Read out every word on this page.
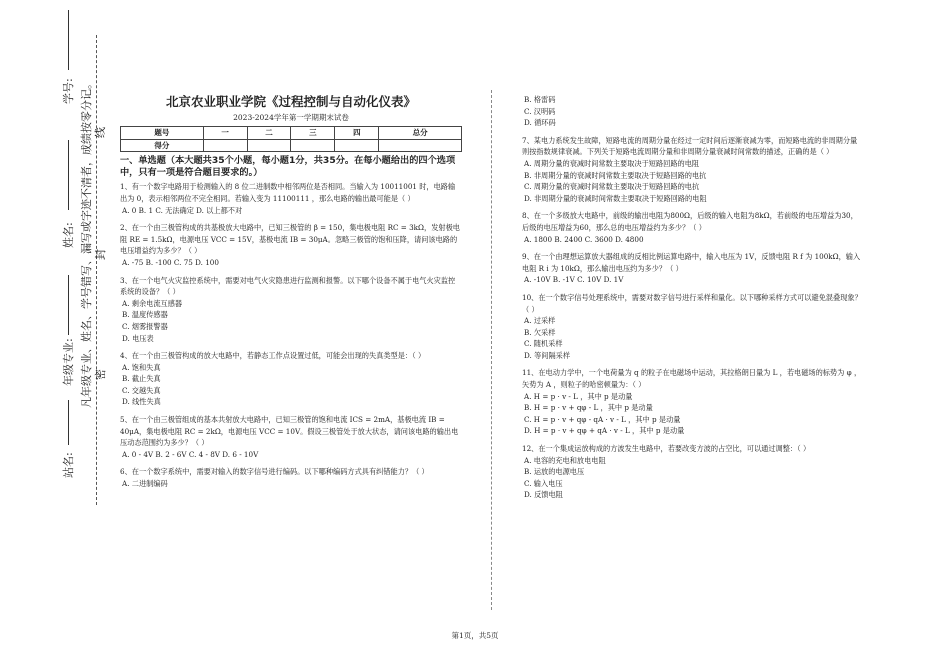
学号:
姓名:
年级专业:
站名:
凡年级专业、姓名、学号错写、漏写或字迹不清者，成绩按零分记。 密
封
线
北京农业职业学院《过程控制与自动化仪表》
2023-2024学年第一学期期末试卷
题号	一	二	三	四	总分
得分					
一、单选题（本大题共35个小题，每小题1分，共35分。在每小题给出的四个选项中，只有一项是符合题目要求的。）
1、有一个数字电路用于检测输入的 8 位二进制数中相邻两位是否相同。当输入为 10011001 时，电路输出为 0，表示相邻两位不完全相同。若输入变为 11100111 ，那么电路的输出最可能是（ ）
A. 0 B. 1 C. 无法确定 D. 以上都不对
2、在一个由三极管构成的共基极放大电路中，已知三极管的 β = 150，集电极电阻 RC = 3kΩ，发射极电阻 RE = 1.5kΩ，电源电压 VCC = 15V，基极电流 IB = 30μA。忽略三极管的饱和压降，请问该电路的电压增益约为多少？（ ）
A. -75 B. -100 C. 75 D. 100
3、在一个电气火灾监控系统中，需要对电气火灾隐患进行监测和报警。以下哪个设备不属于电气火灾监控系统的设备？（ ）
A. 剩余电流互感器
B. 温度传感器
C. 烟雾报警器
D. 电压表
4、在一个由三极管构成的放大电路中，若静态工作点设置过低，可能会出现的失真类型是：（ ）
A. 饱和失真
B. 截止失真
C. 交越失真
D. 线性失真
5、在一个由三极管组成的基本共射放大电路中，已知三极管的饱和电流 ICS = 2mA，基极电流 IB = 40μA，集电极电阻 RC = 2kΩ，电源电压 VCC = 10V。假设三极管处于放大状态，请问该电路的输出电压动态范围约为多少？（ ）
A. 0 - 4V B. 2 - 6V C. 4 - 8V D. 6 - 10V
6、在一个数字系统中，需要对输入的数字信号进行编码。以下哪种编码方式具有纠错能力？（ ）
A. 二进制编码
B. 格雷码
C. 汉明码
D. 循环码
7、某电力系统发生故障，短路电流的周期分量在经过一定时间后逐渐衰减为零，而短路电流的非周期分量则按指数规律衰减。下列关于短路电流周期分量和非周期分量衰减时间常数的描述，正确的是（ ）
A. 周期分量的衰减时间常数主要取决于短路回路的电阻
B. 非周期分量的衰减时间常数主要取决于短路回路的电抗
C. 周期分量的衰减时间常数主要取决于短路回路的电抗
D. 非周期分量的衰减时间常数主要取决于短路回路的电阻
8、在一个多级放大电路中，前级的输出电阻为800Ω，后级的输入电阻为8kΩ，若前级的电压增益为30，后级的电压增益为60，那么总的电压增益约为多少？（ ）
A. 1800 B. 2400 C. 3600 D. 4800
9、在一个由理想运算放大器组成的反相比例运算电路中，输入电压为 1V，反馈电阻 R f 为 100kΩ，输入电阻 R i 为 10kΩ，那么输出电压约为多少？（ ）
A. -10V B. -1V C. 10V D. 1V
10、在一个数字信号处理系统中，需要对数字信号进行采样和量化。以下哪种采样方式可以避免混叠现象？（ ）
A. 过采样
B. 欠采样
C. 随机采样
D. 等间隔采样
11、在电动力学中，一个电荷量为 q 的粒子在电磁场中运动，其拉格朗日量为 L ，若电磁场的标势为 φ ，矢势为 A ，则粒子的哈密顿量为：（ ）
A. H = p · v - L ，其中 p 是动量
B. H = p · v + qφ - L ，其中 p 是动量
C. H = p · v + qφ - qA · v - L ，其中 p 是动量
D. H = p · v + qφ + qA · v - L ，其中 p 是动量
12、在一个集成运放构成的方波发生电路中，若要改变方波的占空比，可以通过调整：（ ）
A. 电容的充电和放电电阻
B. 运放的电源电压
C. 输入电压
D. 反馈电阻
第1页，共5页
